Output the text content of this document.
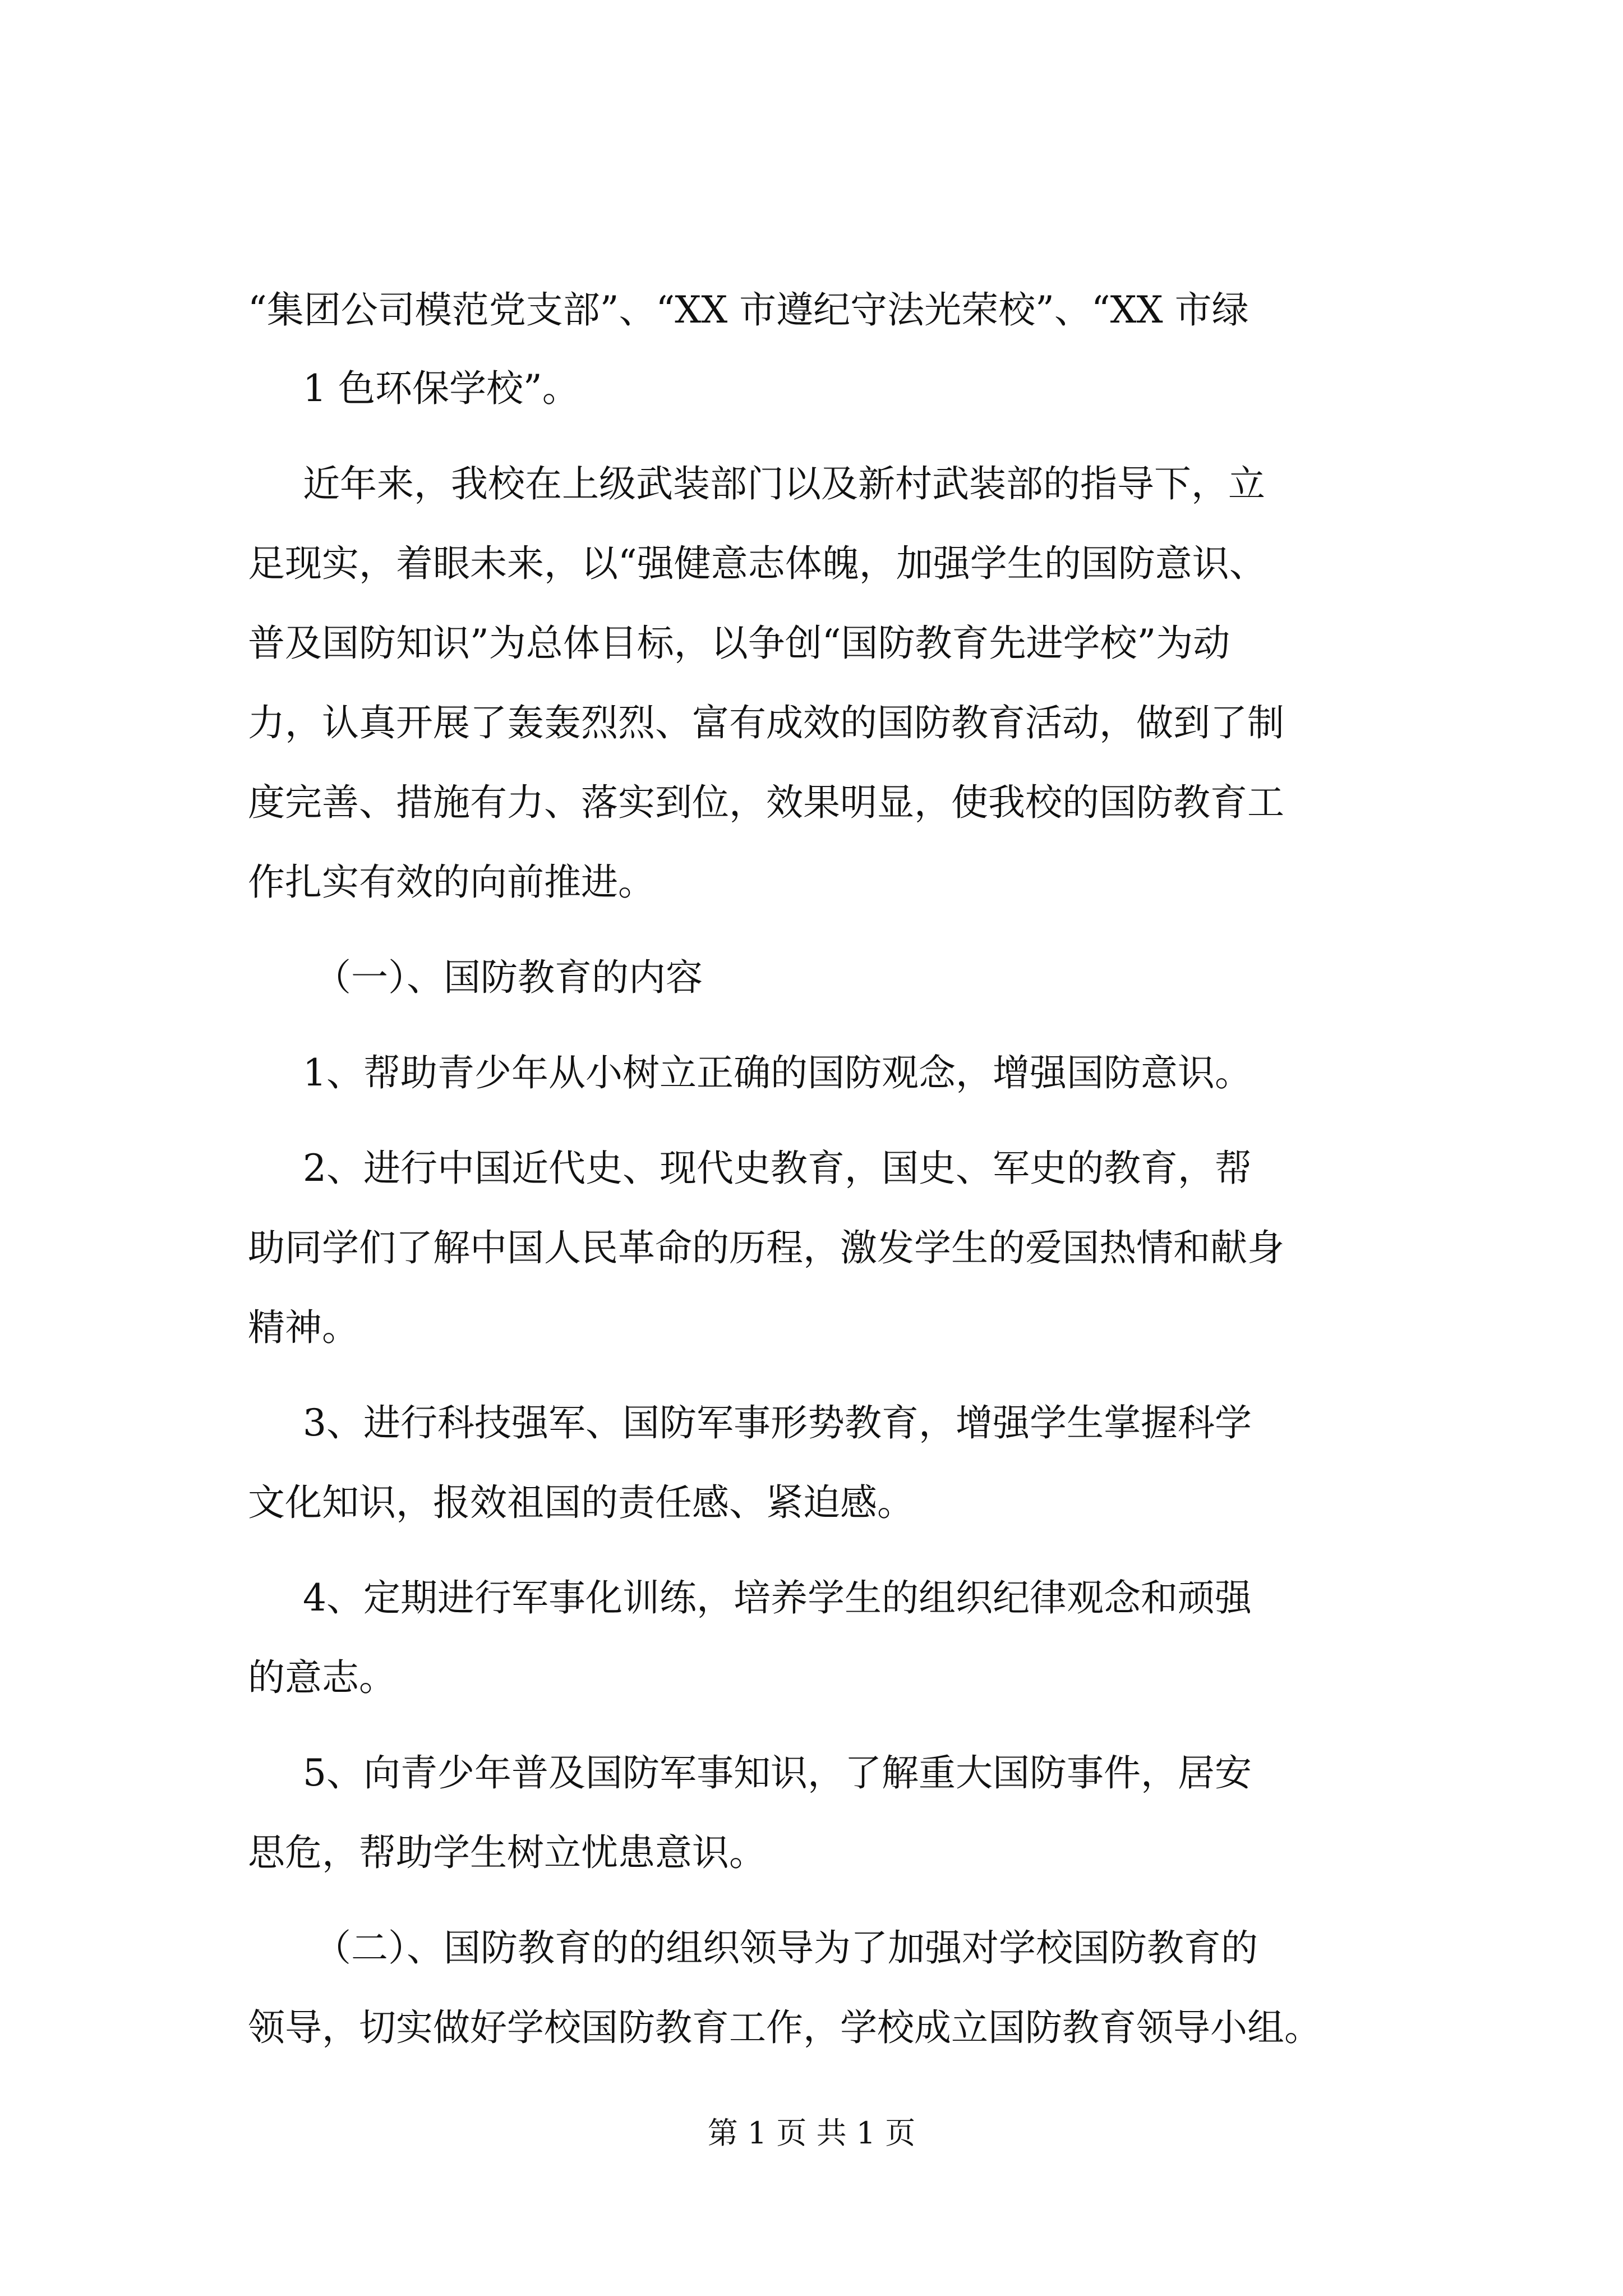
“集团公司模范党支部”、“XX 市遵纪守法光荣校”、“XX 市绿
1 色环保学校”。
近年来，我校在上级武装部门以及新村武装部的指导下，立
足现实，着眼未来，以“强健意志体魄，加强学生的国防意识、
普及国防知识”为总体目标，以争创“国防教育先进学校”为动
力，认真开展了轰轰烈烈、富有成效的国防教育活动，做到了制
度完善、措施有力、落实到位，效果明显，使我校的国防教育工
作扎实有效的向前推进。
（一）、国防教育的内容
1、帮助青少年从小树立正确的国防观念，增强国防意识。
2、进行中国近代史、现代史教育，国史、军史的教育，帮
助同学们了解中国人民革命的历程，激发学生的爱国热情和献身
精神。
3、进行科技强军、国防军事形势教育，增强学生掌握科学
文化知识，报效祖国的责任感、紧迫感。
4、定期进行军事化训练，培养学生的组织纪律观念和顽强
的意志。
5、向青少年普及国防军事知识，了解重大国防事件，居安
思危，帮助学生树立忧患意识。
（二）、国防教育的的组织领导为了加强对学校国防教育的
领导，切实做好学校国防教育工作，学校成立国防教育领导小组。
第 1 页 共 1 页
